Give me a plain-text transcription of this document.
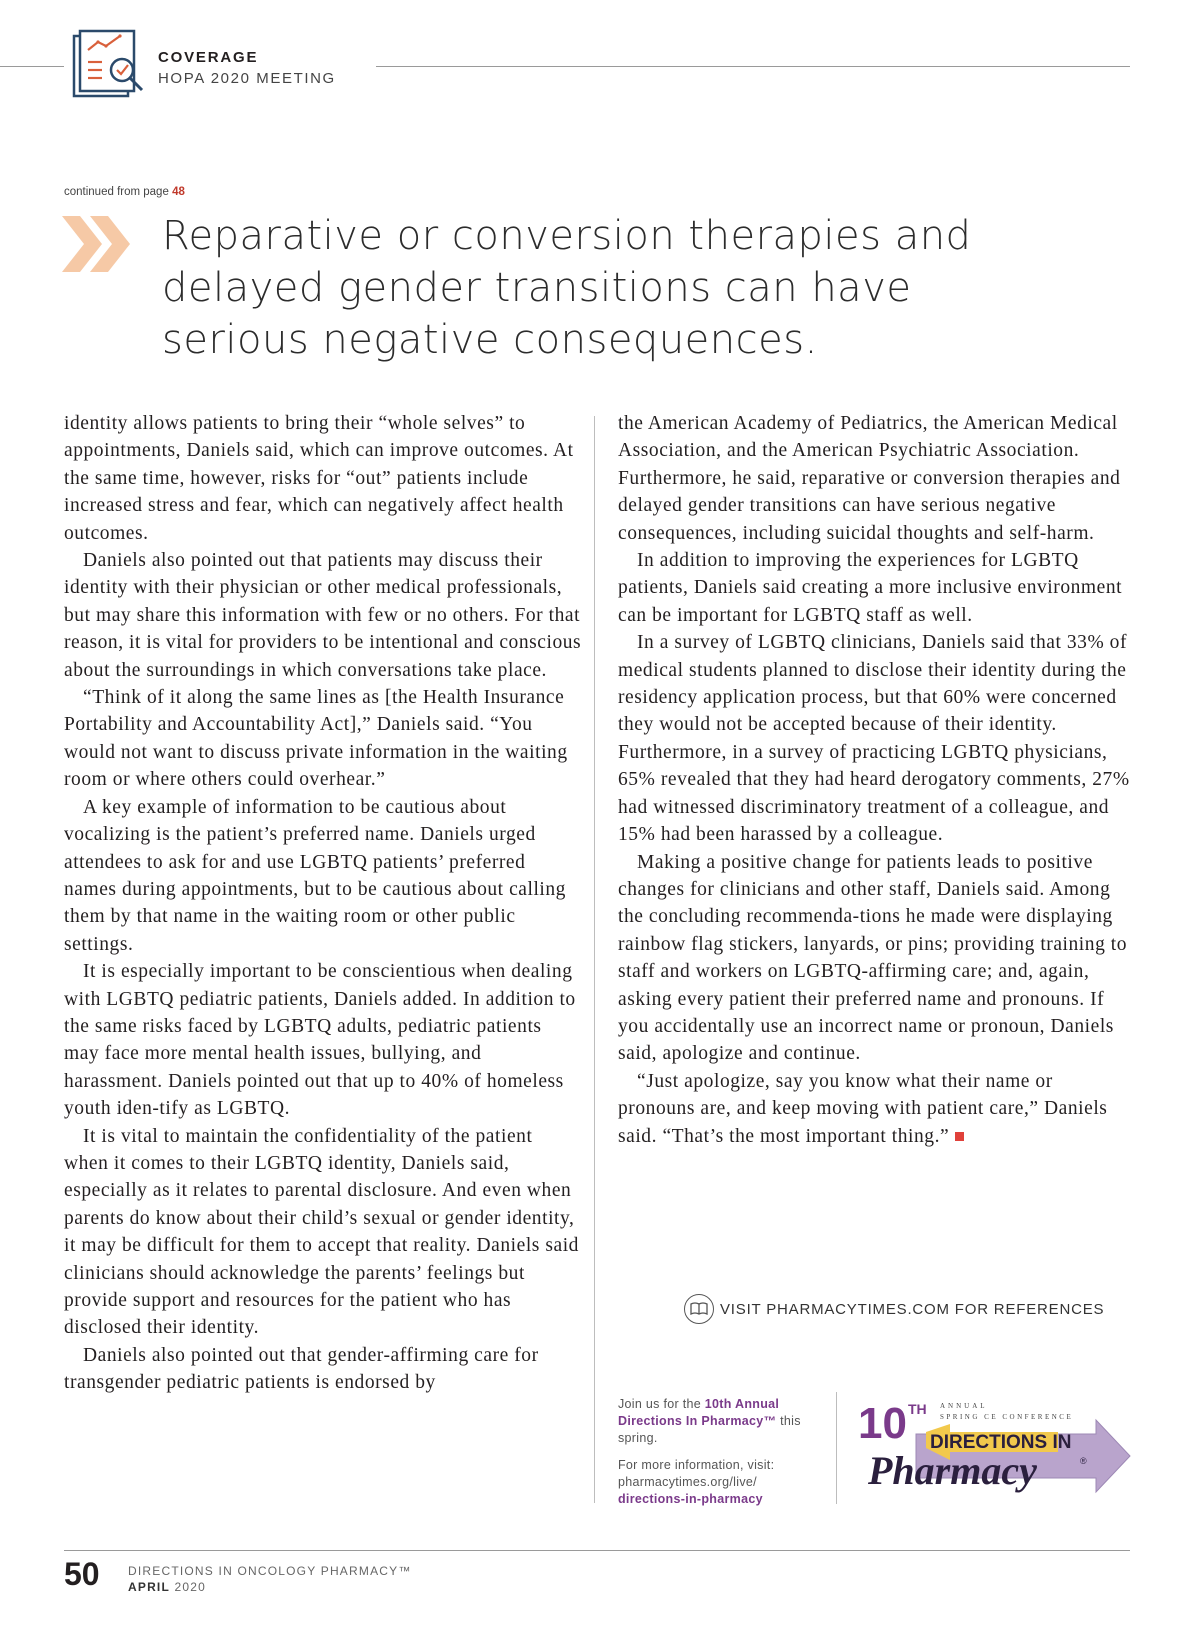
COVERAGE
HOPA 2020 MEETING
continued from page 48
Reparative or conversion therapies and delayed gender transitions can have serious negative consequences.

identity allows patients to bring their “whole selves” to appointments, Daniels said, which can improve outcomes. At the same time, however, risks for “out” patients include increased stress and fear, which can negatively affect health outcomes.

Daniels also pointed out that patients may discuss their identity with their physician or other medical professionals, but may share this information with few or no others. For that reason, it is vital for providers to be intentional and conscious about the surroundings in which conversations take place.

“Think of it along the same lines as [the Health Insurance Portability and Accountability Act],” Daniels said. “You would not want to discuss private information in the waiting room or where others could overhear.”

A key example of information to be cautious about vocalizing is the patient’s preferred name. Daniels urged attendees to ask for and use LGBTQ patients’ preferred names during appointments, but to be cautious about calling them by that name in the waiting room or other public settings.

It is especially important to be conscientious when dealing with LGBTQ pediatric patients, Daniels added. In addition to the same risks faced by LGBTQ adults, pediatric patients may face more mental health issues, bullying, and harassment. Daniels pointed out that up to 40% of homeless youth iden-tify as LGBTQ.

It is vital to maintain the confidentiality of the patient when it comes to their LGBTQ identity, Daniels said, especially as it relates to parental disclosure. And even when parents do know about their child’s sexual or gender identity, it may be difficult for them to accept that reality. Daniels said clinicians should acknowledge the parents’ feelings but provide support and resources for the patient who has disclosed their identity.

Daniels also pointed out that gender-affirming care for transgender pediatric patients is endorsed by

the American Academy of Pediatrics, the American Medical Association, and the American Psychiatric Association. Furthermore, he said, reparative or conversion therapies and delayed gender transitions can have serious negative consequences, including suicidal thoughts and self-harm.

In addition to improving the experiences for LGBTQ patients, Daniels said creating a more inclusive environment can be important for LGBTQ staff as well.

In a survey of LGBTQ clinicians, Daniels said that 33% of medical students planned to disclose their identity during the residency application process, but that 60% were concerned they would not be accepted because of their identity. Furthermore, in a survey of practicing LGBTQ physicians, 65% revealed that they had heard derogatory comments, 27% had witnessed discriminatory treatment of a colleague, and 15% had been harassed by a colleague.

Making a positive change for patients leads to positive changes for clinicians and other staff, Daniels said. Among the concluding recommenda-tions he made were displaying rainbow flag stickers, lanyards, or pins; providing training to staff and workers on LGBTQ-affirming care; and, again, asking every patient their preferred name and pronouns. If you accidentally use an incorrect name or pronoun, Daniels said, apologize and continue.

“Just apologize, say you know what their name or pronouns are, and keep moving with patient care,” Daniels said. “That’s the most important thing.”

VISIT PHARMACYTIMES.COM FOR REFERENCES
Join us for the 10th Annual Directions In Pharmacy™ this spring.
For more information, visit: pharmacytimes.org/live/
directions-in-pharmacy
10 TH ANNUAL
SPRING CE CONFERENCE
DIRECTIONS IN
Pharmacy	®
50 DIRECTIONS IN ONCOLOGY PHARMACY™
APRIL 2020
